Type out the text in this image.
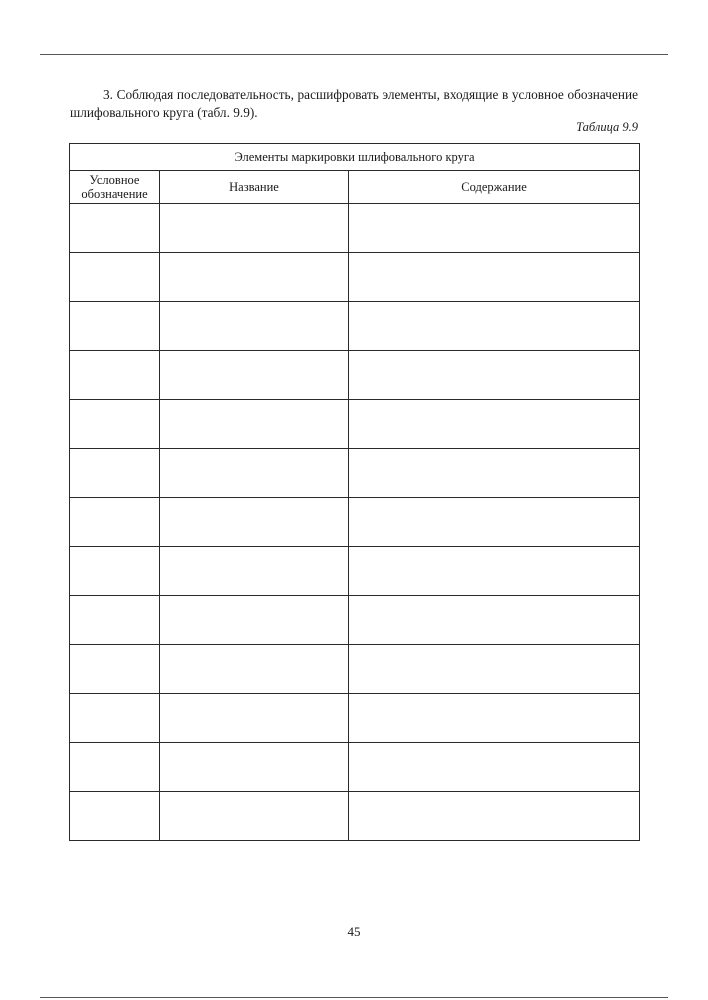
3. Соблюдая последовательность, расшифровать элементы, входящие в условное обозначение шлифовального круга (табл. 9.9).

Таблица 9.9

Элементы маркировки шлифовального круга		
Условное обозначение	Название	Содержание

45
